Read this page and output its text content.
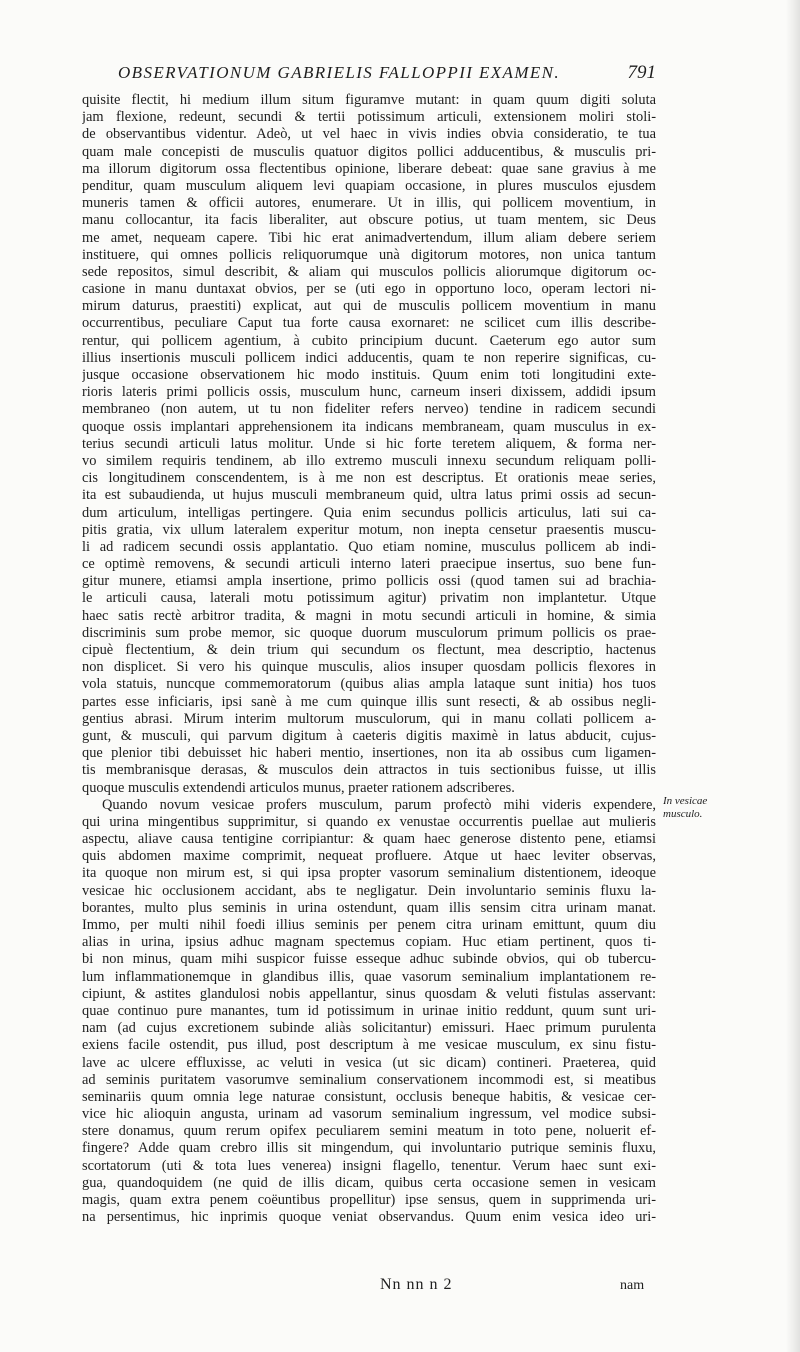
OBSERVATIONUM GABRIELIS FALLOPPII EXAMEN.	791
quisite flectit, hi medium illum situm figuramve mutant: in quam quum digiti soluta
jam flexione, redeunt, secundi & tertii potissimum articuli, extensionem moliri stoli-
de observantibus videntur. Adeò, ut vel haec in vivis indies obvia consideratio, te tua
quam male concepisti de musculis quatuor digitos pollici adducentibus, & musculis pri-
ma illorum digitorum ossa flectentibus opinione, liberare debeat: quae sane gravius à me
penditur, quam musculum aliquem levi quapiam occasione, in plures musculos ejusdem
muneris tamen & officii autores, enumerare. Ut in illis, qui pollicem moventium, in
manu collocantur, ita facis liberaliter, aut obscure potius, ut tuam mentem, sic Deus
me amet, nequeam capere. Tibi hic erat animadvertendum, illum aliam debere seriem
instituere, qui omnes pollicis reliquorumque unà digitorum motores, non unica tantum
sede repositos, simul describit, & aliam qui musculos pollicis aliorumque digitorum oc-
casione in manu duntaxat obvios, per se (uti ego in opportuno loco, operam lectori ni-
mirum daturus, praestiti) explicat, aut qui de musculis pollicem moventium in manu
occurrentibus, peculiare Caput tua forte causa exornaret: ne scilicet cum illis describe-
rentur, qui pollicem agentium, à cubito principium ducunt. Caeterum ego autor sum
illius insertionis musculi pollicem indici adducentis, quam te non reperire significas, cu-
jusque occasione observationem hic modo instituis. Quum enim toti longitudini exte-
rioris lateris primi pollicis ossis, musculum hunc, carneum inseri dixissem, addidi ipsum
membraneo (non autem, ut tu non fideliter refers nerveo) tendine in radicem secundi
quoque ossis implantari apprehensionem ita indicans membraneam, quam musculus in ex-
terius secundi articuli latus molitur. Unde si hic forte teretem aliquem, & forma ner-
vo similem requiris tendinem, ab illo extremo musculi innexu secundum reliquam polli-
cis longitudinem conscendentem, is à me non est descriptus. Et orationis meae series,
ita est subaudienda, ut hujus musculi membraneum quid, ultra latus primi ossis ad secun-
dum articulum, intelligas pertingere. Quia enim secundus pollicis articulus, lati sui ca-
pitis gratia, vix ullum lateralem experitur motum, non inepta censetur praesentis muscu-
li ad radicem secundi ossis applantatio. Quo etiam nomine, musculus pollicem ab indi-
ce optimè removens, & secundi articuli interno lateri praecipue insertus, suo bene fun-
gitur munere, etiamsi ampla insertione, primo pollicis ossi (quod tamen sui ad brachia-
le articuli causa, laterali motu potissimum agitur) privatim non implantetur. Utque
haec satis rectè arbitror tradita, & magni in motu secundi articuli in homine, & simia
discriminis sum probe memor, sic quoque duorum musculorum primum pollicis os prae-
cipuè flectentium, & dein trium qui secundum os flectunt, mea descriptio, hactenus
non displicet. Si vero his quinque musculis, alios insuper quosdam pollicis flexores in
vola statuis, nuncque commemoratorum (quibus alias ampla lataque sunt initia) hos tuos
partes esse inficiaris, ipsi sanè à me cum quinque illis sunt resecti, & ab ossibus negli-
gentius abrasi. Mirum interim multorum musculorum, qui in manu collati pollicem a-
gunt, & musculi, qui parvum digitum à caeteris digitis maximè in latus abducit, cujus-
que plenior tibi debuisset hic haberi mentio, insertiones, non ita ab ossibus cum ligamen-
tis membranisque derasas, & musculos dein attractos in tuis sectionibus fuisse, ut illis
quoque musculis extendendi articulos munus, praeter rationem adscriberes.
Quando novum vesicae profers musculum, parum profectò mihi videris expendere,
qui urina mingentibus supprimitur, si quando ex venustae occurrentis puellae aut mulieris
aspectu, aliave causa tentigine corripiantur: & quam haec generose distento pene, etiamsi
quis abdomen maxime comprimit, nequeat profluere. Atque ut haec leviter observas,
ita quoque non mirum est, si qui ipsa propter vasorum seminalium distentionem, ideoque
vesicae hic occlusionem accidant, abs te negligatur. Dein involuntario seminis fluxu la-
borantes, multo plus seminis in urina ostendunt, quam illis sensim citra urinam manat.
Immo, per multi nihil foedi illius seminis per penem citra urinam emittunt, quum diu
alias in urina, ipsius adhuc magnam spectemus copiam. Huc etiam pertinent, quos ti-
bi non minus, quam mihi suspicor fuisse esseque adhuc subinde obvios, qui ob tubercu-
lum inflammationemque in glandibus illis, quae vasorum seminalium implantationem re-
cipiunt, & astites glandulosi nobis appellantur, sinus quosdam & veluti fistulas asservant:
quae continuo pure manantes, tum id potissimum in urinae initio reddunt, quum sunt uri-
nam (ad cujus excretionem subinde aliàs solicitantur) emissuri. Haec primum purulenta
exiens facile ostendit, pus illud, post descriptum à me vesicae musculum, ex sinu fistu-
lave ac ulcere effluxisse, ac veluti in vesica (ut sic dicam) contineri. Praeterea, quid
ad seminis puritatem vasorumve seminalium conservationem incommodi est, si meatibus
seminariis quum omnia lege naturae consistunt, occlusis beneque habitis, & vesicae cer-
vice hic alioquin angusta, urinam ad vasorum seminalium ingressum, vel modice subsi-
stere donamus, quum rerum opifex peculiarem semini meatum in toto pene, noluerit ef-
fingere? Adde quam crebro illis sit mingendum, qui involuntario putrique seminis fluxu,
scortatorum (uti & tota lues venerea) insigni flagello, tenentur. Verum haec sunt exi-
gua, quandoquidem (ne quid de illis dicam, quibus certa occasione semen in vesicam
magis, quam extra penem coëuntibus propellitur) ipse sensus, quem in supprimenda uri-
na persentimus, hic inprimis quoque veniat observandus. Quum enim vesica ideo uri-
In vesicae
musculo.
Nn nn n 2	nam
